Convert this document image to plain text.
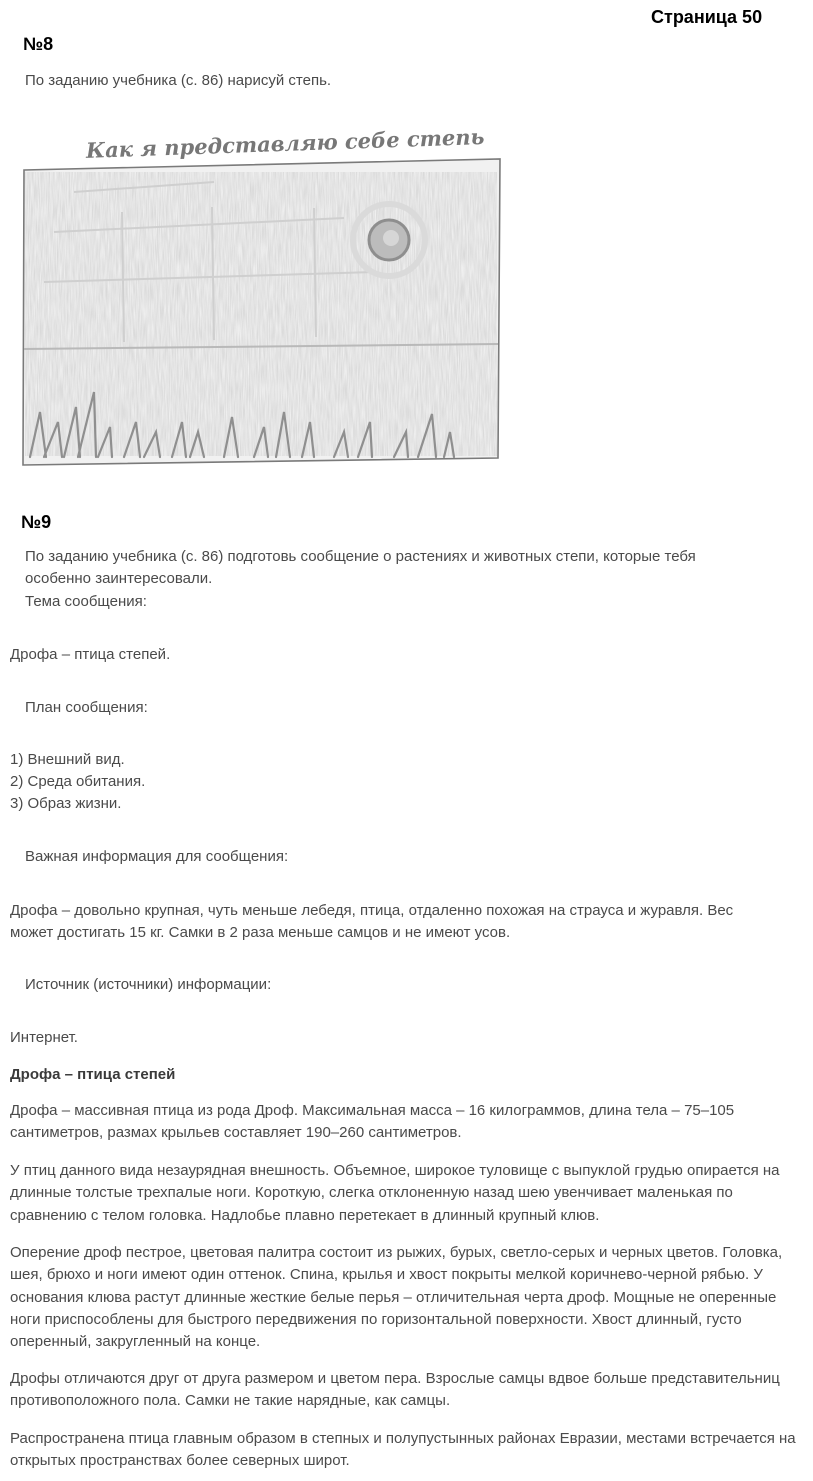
Страница 50
№8
По заданию учебника (с. 86) нарисуй степь.
Как я представляю себе степь
№9
По заданию учебника (с. 86) подготовь сообщение о растениях и животных степи, которые тебя
особенно заинтересовали.
Тема сообщения:
Дрофа – птица степей.
План сообщения:
1) Внешний вид.
2) Среда обитания.
3) Образ жизни.
Важная информация для сообщения:
Дрофа – довольно крупная, чуть меньше лебедя, птица, отдаленно похожая на страуса и журавля. Вес
может достигать 15 кг. Самки в 2 раза меньше самцов и не имеют усов.
Источник (источники) информации:
Интернет.
Дрофа – птица степей
Дрофа – массивная птица из рода Дроф. Максимальная масса – 16 килограммов, длина тела – 75–105 сантиметров, размах крыльев составляет 190–260 сантиметров.
У птиц данного вида незаурядная внешность. Объемное, широкое туловище с выпуклой грудью опирается на длинные толстые трехпалые ноги. Короткую, слегка отклоненную назад шею увенчивает маленькая по сравнению с телом головка. Надлобье плавно перетекает в длинный крупный клюв.
Оперение дроф пестрое, цветовая палитра состоит из рыжих, бурых, светло-серых и черных цветов. Головка, шея, брюхо и ноги имеют один оттенок. Спина, крылья и хвост покрыты мелкой коричнево-черной рябью. У основания клюва растут длинные жесткие белые перья – отличительная черта дроф. Мощные не оперенные ноги приспособлены для быстрого передвижения по горизонтальной поверхности. Хвост длинный, густо оперенный, закругленный на конце.
Дрофы отличаются друг от друга размером и цветом пера. Взрослые самцы вдвое больше представительниц противоположного пола. Самки не такие нарядные, как самцы.
Распространена птица главным образом в степных и полупустынных районах Евразии, местами встречается на открытых пространствах более северных широт.
